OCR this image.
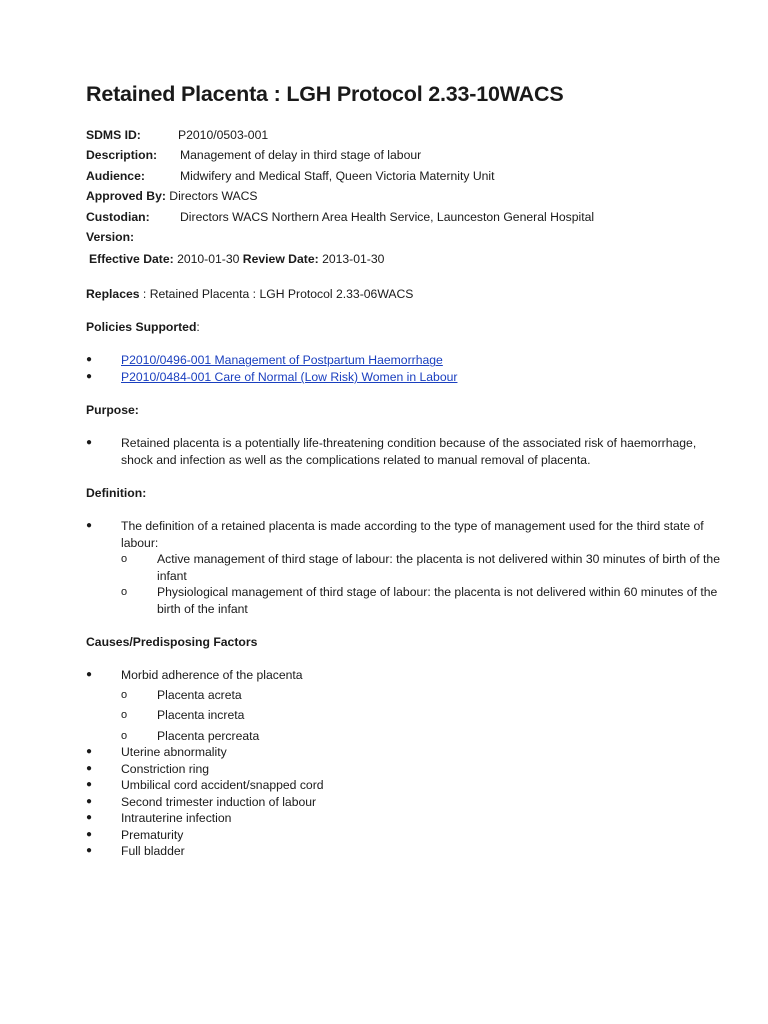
Retained Placenta : LGH Protocol 2.33-10WACS
SDMS ID:	P2010/0503-001
Description: Management of delay in third stage of labour
Audience:	Midwifery and Medical Staff, Queen Victoria Maternity Unit
Approved By: Directors WACS
Custodian: Directors WACS Northern Area Health Service, Launceston General Hospital
Version:
Effective Date: 2010-01-30 Review Date: 2013-01-30
Replaces : Retained Placenta : LGH Protocol 2.33-06WACS
Policies Supported:
●	P2010/0496-001 Management of Postpartum Haemorrhage
●	P2010/0484-001 Care of Normal (Low Risk) Women in Labour
Purpose:
●	Retained placenta is a potentially life-threatening condition because of the associated risk of haemorrhage, shock and infection as well as the complications related to manual removal of placenta.
Definition:
●	The definition of a retained placenta is made according to the type of management used for the third state of labour:
o Active management of third stage of labour: the placenta is not delivered within 30 minutes of birth of the infant
o Physiological management of third stage of labour: the placenta is not delivered within 60 minutes of the birth of the infant
Causes/Predisposing Factors
●	Morbid adherence of the placenta
o Placenta acreta
o Placenta increta
o Placenta percreata
●	Uterine abnormality
●	Constriction ring
●	Umbilical cord accident/snapped cord
●	Second trimester induction of labour
●	Intrauterine infection
●	Prematurity
●	Full bladder
